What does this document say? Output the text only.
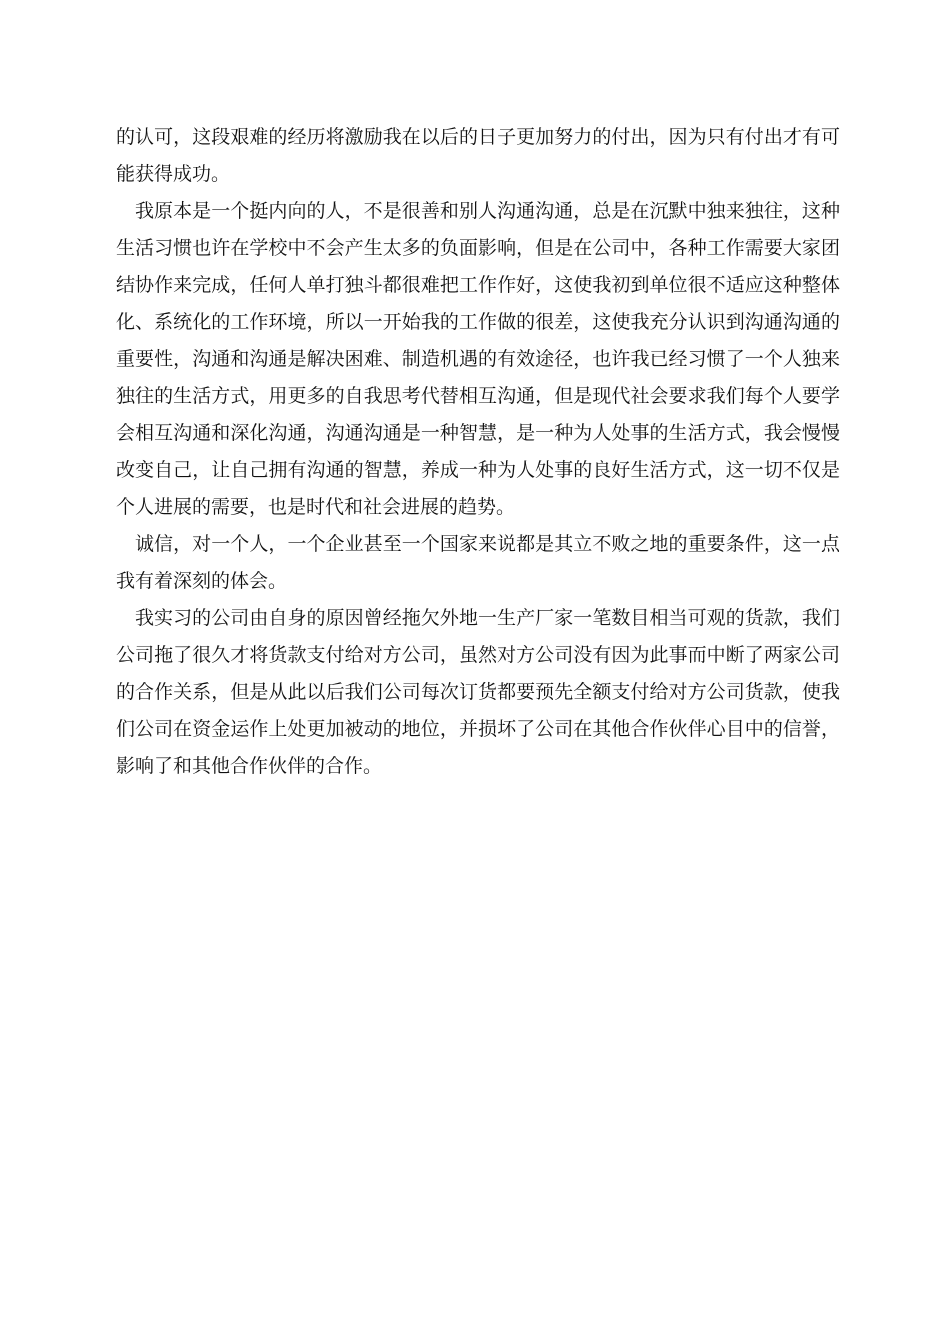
的认可，这段艰难的经历将激励我在以后的日子更加努力的付出，因为只有付出才有可能获得成功。

我原本是一个挺内向的人，不是很善和别人沟通沟通，总是在沉默中独来独往，这种生活习惯也许在学校中不会产生太多的负面影响，但是在公司中，各种工作需要大家团结协作来完成，任何人单打独斗都很难把工作作好，这使我初到单位很不适应这种整体化、系统化的工作环境，所以一开始我的工作做的很差，这使我充分认识到沟通沟通的重要性，沟通和沟通是解决困难、制造机遇的有效途径，也许我已经习惯了一个人独来独往的生活方式，用更多的自我思考代替相互沟通，但是现代社会要求我们每个人要学会相互沟通和深化沟通，沟通沟通是一种智慧，是一种为人处事的生活方式，我会慢慢改变自己，让自己拥有沟通的智慧，养成一种为人处事的良好生活方式，这一切不仅是个人进展的需要，也是时代和社会进展的趋势。

诚信，对一个人，一个企业甚至一个国家来说都是其立不败之地的重要条件，这一点我有着深刻的体会。

我实习的公司由自身的原因曾经拖欠外地一生产厂家一笔数目相当可观的货款，我们公司拖了很久才将货款支付给对方公司，虽然对方公司没有因为此事而中断了两家公司的合作关系，但是从此以后我们公司每次订货都要预先全额支付给对方公司货款，使我们公司在资金运作上处更加被动的地位，并损坏了公司在其他合作伙伴心目中的信誉，影响了和其他合作伙伴的合作。
